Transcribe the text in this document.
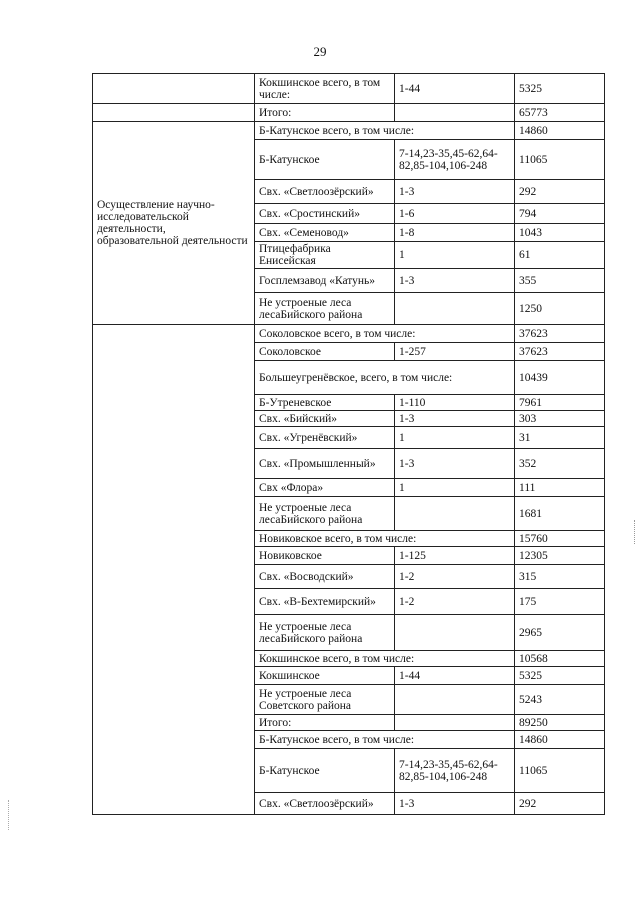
29
	Кокшинское всего, в том числе:	1-44	5325
	Итого:		65773
Осуществление научно-исследовательской деятельности, образовательной деятельности	Б-Катунское всего, в том числе:		14860
	Б-Катунское	7-14,23-35,45-62,64-82,85-104,106-248	11065
	Свх. «Светлоозёрский»	1-3	292
	Свх. «Сростинский»	1-6	794
	Свх. «Семеновод»	1-8	1043
	Птицефабрика Енисейская	1	61
	Госплемзавод «Катунь»	1-3	355
	Не устроеные леса лесаБийского района		1250
	Соколовское всего, в том числе:		37623
	Соколовское	1-257	37623
	Большеугренёвское, всего, в том числе:		10439
	Б-Утреневское	1-110	7961
	Свх. «Бийский»	1-3	303
	Свх. «Угренёвский»	1	31
	Свх. «Промышленный»	1-3	352
	Свх «Флора»	1	111
	Не устроеные леса лесаБийского района		1681
	Новиковское всего, в том числе:		15760
	Новиковское	1-125	12305
	Свх. «Восводский»	1-2	315
	Свх. «В-Бехтемирский»	1-2	175
	Не устроеные леса лесаБийского района		2965
	Кокшинское всего, в том числе:		10568
	Кокшинское	1-44	5325
	Не устроеные леса Советского района		5243
	Итого:		89250
	Б-Катунское всего, в том числе:		14860
	Б-Катунское	7-14,23-35,45-62,64-82,85-104,106-248	11065
	Свх. «Светлоозёрский»	1-3	292
